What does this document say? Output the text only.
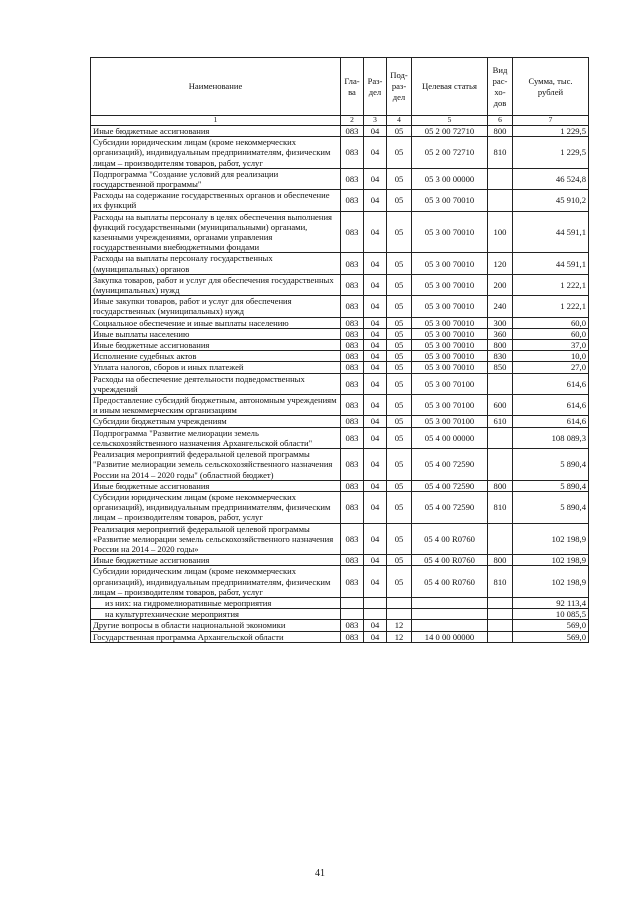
Наименование	Гла-ва	Раз-дел	Под-раз-дел	Целевая статья	Вид рас-хо-дов	Сумма, тыс. рублей
1	2	3	4	5	6	7
Иные бюджетные ассигнования	083	04	05	05 2 00 72710	800	1 229,5
Субсидии юридическим лицам (кроме некоммерческих организаций), индивидуальным предпринимателям, физическим лицам – производителям товаров, работ, услуг	083	04	05	05 2 00 72710	810	1 229,5
Подпрограмма "Создание условий для реализации государственной программы"	083	04	05	05 3 00 00000		46 524,8
Расходы на содержание государственных органов и обеспечение их функций	083	04	05	05 3 00 70010		45 910,2
Расходы на выплаты персоналу в целях обеспечения выполнения функций государственными (муниципальными) органами, казенными учреждениями, органами управления государственными внебюджетными фондами	083	04	05	05 3 00 70010	100	44 591,1
Расходы на выплаты персоналу государственных (муниципальных) органов	083	04	05	05 3 00 70010	120	44 591,1
Закупка товаров, работ и услуг для обеспечения государственных (муниципальных) нужд	083	04	05	05 3 00 70010	200	1 222,1
Иные закупки товаров, работ и услуг для обеспечения государственных (муниципальных) нужд	083	04	05	05 3 00 70010	240	1 222,1
Социальное обеспечение и иные выплаты населению	083	04	05	05 3 00 70010	300	60,0
Иные выплаты населению	083	04	05	05 3 00 70010	360	60,0
Иные бюджетные ассигнования	083	04	05	05 3 00 70010	800	37,0
Исполнение судебных актов	083	04	05	05 3 00 70010	830	10,0
Уплата налогов, сборов и иных платежей	083	04	05	05 3 00 70010	850	27,0
Расходы на обеспечение деятельности подведомственных учреждений	083	04	05	05 3 00 70100		614,6
Предоставление субсидий бюджетным, автономным учреждениям и иным некоммерческим организациям	083	04	05	05 3 00 70100	600	614,6
Субсидии бюджетным учреждениям	083	04	05	05 3 00 70100	610	614,6
Подпрограмма "Развитие мелиорации земель сельскохозяйственного назначения Архангельской области"	083	04	05	05 4 00 00000		108 089,3
Реализация мероприятий федеральной целевой программы "Развитие мелиорации земель сельскохозяйственного назначения России на 2014 – 2020 годы" (областной бюджет)	083	04	05	05 4 00 72590		5 890,4
Иные бюджетные ассигнования	083	04	05	05 4 00 72590	800	5 890,4
Субсидии юридическим лицам (кроме некоммерческих организаций), индивидуальным предпринимателям, физическим лицам – производителям товаров, работ, услуг	083	04	05	05 4 00 72590	810	5 890,4
Реализация мероприятий федеральной целевой программы «Развитие мелиорации земель сельскохозяйственного назначения России на 2014 – 2020 годы»	083	04	05	05 4 00 R0760		102 198,9
Иные бюджетные ассигнования	083	04	05	05 4 00 R0760	800	102 198,9
Субсидии юридическим лицам (кроме некоммерческих организаций), индивидуальным предпринимателям, физическим лицам – производителям товаров, работ, услуг	083	04	05	05 4 00 R0760	810	102 198,9
из них: на гидромелиоративные мероприятия						92 113,4
на культуртехнические мероприятия						10 085,5
Другие вопросы в области национальной экономики	083	04	12			569,0
Государственная программа Архангельской области	083	04	12	14 0 00 00000		569,0
41
